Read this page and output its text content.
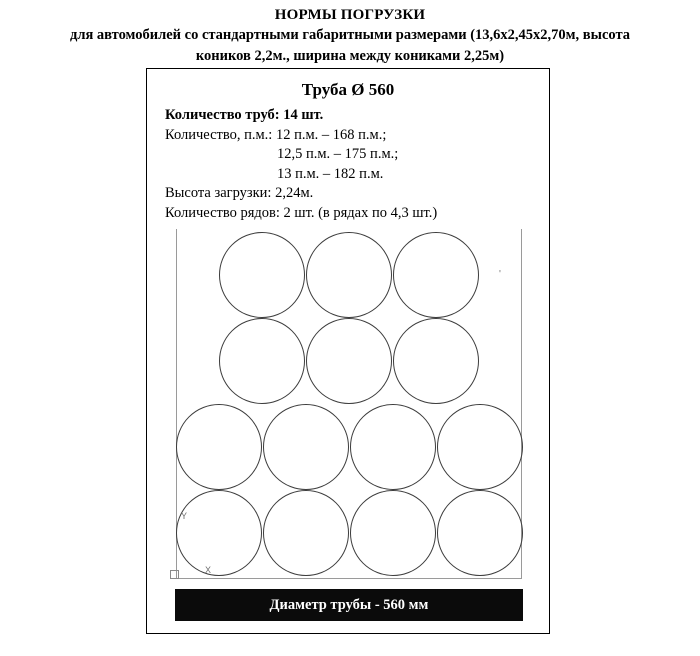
НОРМЫ ПОГРУЗКИ
для автомобилей со стандартными габаритными размерами (13,6х2,45х2,70м, высота
коников 2,2м., ширина между кониками 2,25м)
Труба Ø 560
Количество труб: 14 шт.
Количество, п.м.: 12 п.м. – 168 п.м.;
12,5 п.м. – 175 п.м.;
13 п.м. – 182 п.м.
Высота загрузки: 2,24м.
Количество рядов: 2 шт. (в рядах по 4,3 шт.)
'
Y
X
Диаметр трубы - 560 мм
